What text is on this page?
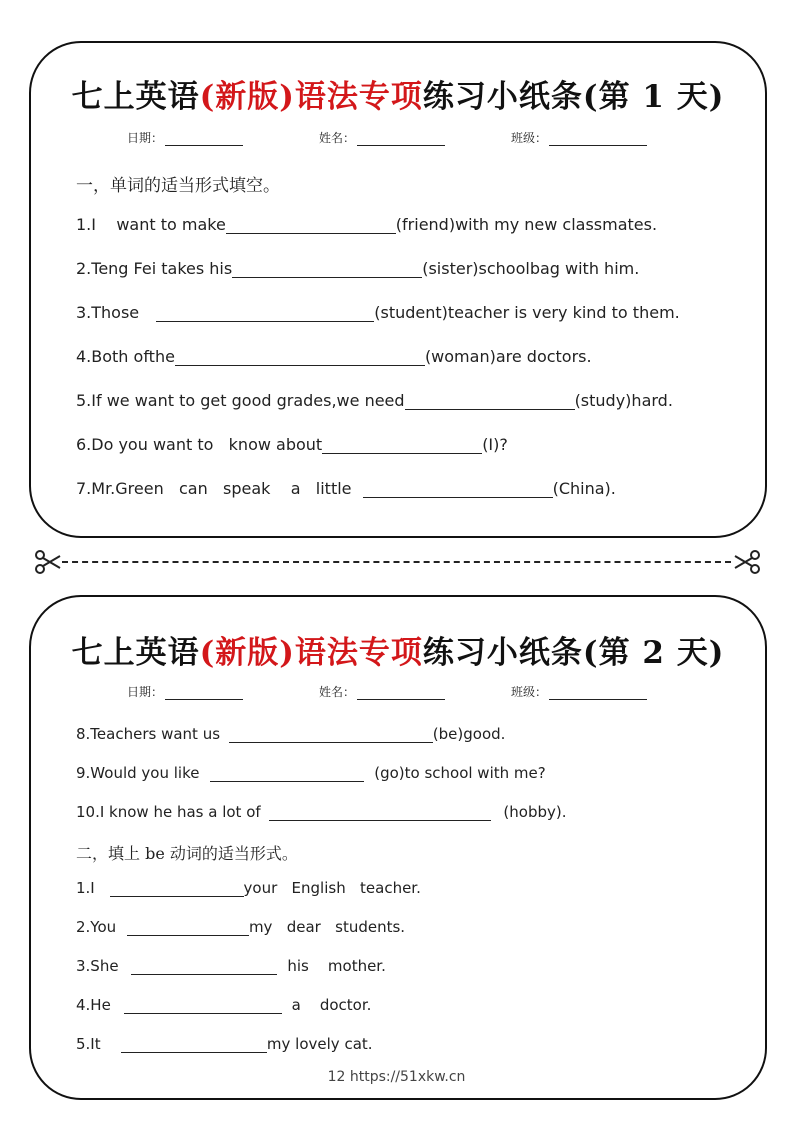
七上英语(新版)语法专项练习小纸条(第 1 天)
日期：	姓名：	班级：
一，单词的适当形式填空。
1.I    want to make	(friend)with my new classmates.
2.Teng Fei takes his	(sister)schoolbag with him.
3.Those	(student)teacher is very kind to them.
4.Both ofthe	(woman)are doctors.
5.If we want to get good grades,we need	(study)hard.
6.Do you want to   know about	(I)?
7.Mr.Green   can   speak    a   little	(China).
七上英语(新版)语法专项练习小纸条(第 2 天)
日期：	姓名：	班级：
8.Teachers want us	(be)good.
9.Would you like	(go)to school with me?
10.I know he has a lot of	(hobby).
二，填上 be 动词的适当形式。
1.I	your   English   teacher.
2.You	my   dear   students.
3.She	his    mother.
4.He	a    doctor.
5.It	my lovely cat.
12 https://51xkw.cn
